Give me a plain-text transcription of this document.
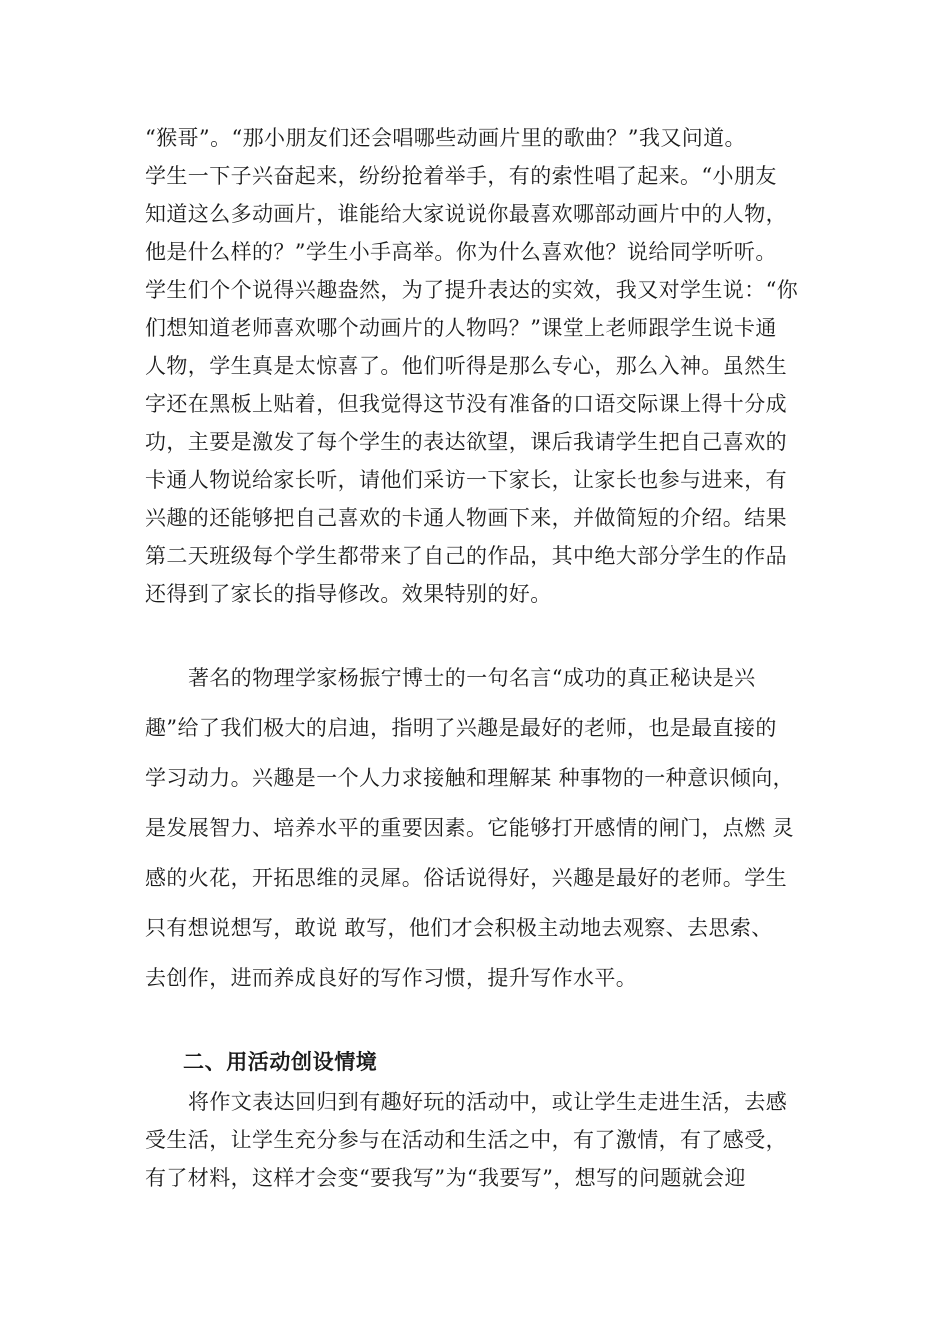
“猴哥”。“那小朋友们还会唱哪些动画片里的歌曲？”我又问道。
学生一下子兴奋起来，纷纷抢着举手，有的索性唱了起来。“小朋友
知道这么多动画片，谁能给大家说说你最喜欢哪部动画片中的人物，
他是什么样的？”学生小手高举。你为什么喜欢他？说给同学听听。
学生们个个说得兴趣盎然，为了提升表达的实效，我又对学生说：“你
们想知道老师喜欢哪个动画片的人物吗？”课堂上老师跟学生说卡通
人物，学生真是太惊喜了。他们听得是那么专心，那么入神。虽然生
字还在黑板上贴着，但我觉得这节没有准备的口语交际课上得十分成
功，主要是激发了每个学生的表达欲望，课后我请学生把自己喜欢的
卡通人物说给家长听，请他们采访一下家长，让家长也参与进来，有
兴趣的还能够把自己喜欢的卡通人物画下来，并做简短的介绍。结果
第二天班级每个学生都带来了自己的作品，其中绝大部分学生的作品
还得到了家长的指导修改。效果特别的好。
著名的物理学家杨振宁博士的一句名言“成功的真正秘诀是兴
趣”给了我们极大的启迪，指明了兴趣是最好的老师，也是最直接的
学习动力。兴趣是一个人力求接触和理解某 种事物的一种意识倾向，
是发展智力、培养水平的重要因素。它能够打开感情的闸门，点燃 灵
感的火花，开拓思维的灵犀。俗话说得好，兴趣是最好的老师。学生
只有想说想写，敢说 敢写，他们才会积极主动地去观察、去思索、
去创作，进而养成良好的写作习惯，提升写作水平。
二、用活动创设情境
将作文表达回归到有趣好玩的活动中，或让学生走进生活，去感
受生活，让学生充分参与在活动和生活之中，有了激情，有了感受，
有了材料，这样才会变“要我写”为“我要写”，想写的问题就会迎
